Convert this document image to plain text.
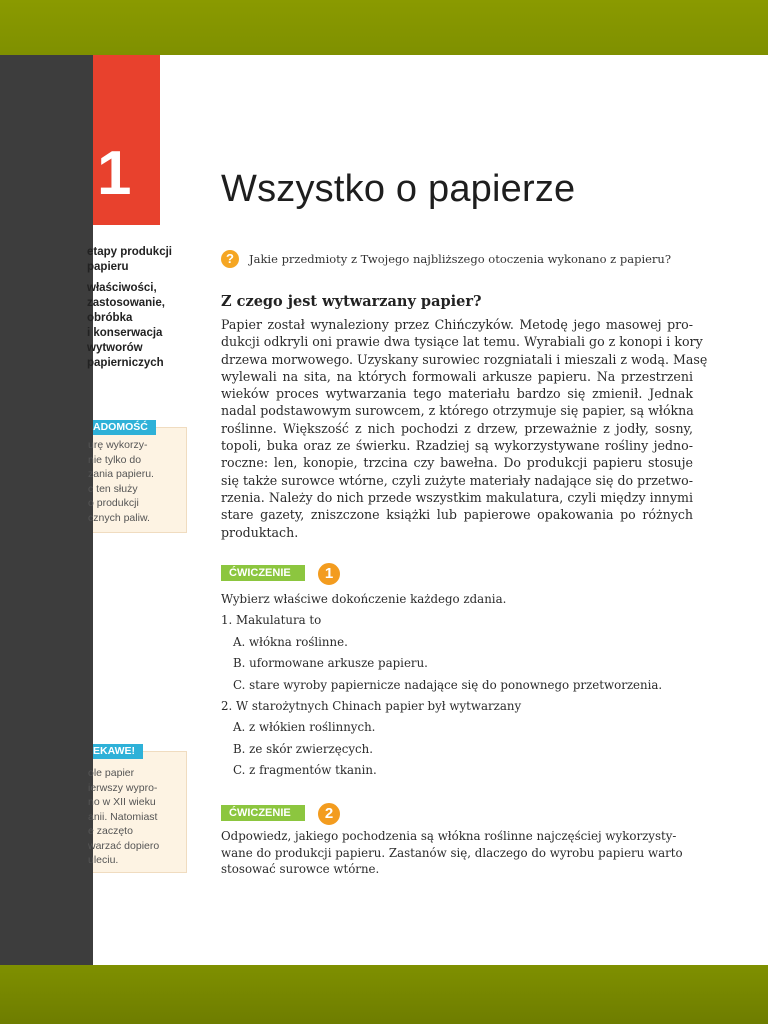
1
etapy produkcji
papieru
właściwości,
zastosowanie,
obróbka
i konserwacja
wytworów
papierniczych
ADOMOŚĆ
urę wykorzy-
nie tylko do
zania papieru.
c ten służy
o produkcji
cznych paliw.
EKAWE!
ole papier
ierwszy wypro-
no w XII wieku
anii. Natomiast
e zaczęto
warzać dopiero
uleciu.
Wszystko o papierze
?	Jakie przedmioty z Twojego najbliższego otoczenia wykonano z papieru?
Z czego jest wytwarzany papier?
Papier został wynaleziony przez Chińczyków. Metodę jego masowej pro-
dukcji odkryli oni prawie dwa tysiące lat temu. Wyrabiali go z konopi i kory
drzewa morwowego. Uzyskany surowiec rozgniatali i mieszali z wodą. Masę
wylewali na sita, na których formowali arkusze papieru. Na przestrzeni
wieków proces wytwarzania tego materiału bardzo się zmienił. Jednak
nadal podstawowym surowcem, z którego otrzymuje się papier, są włókna
roślinne. Większość z nich pochodzi z drzew, przeważnie z jodły, sosny,
topoli, buka oraz ze świerku. Rzadziej są wykorzystywane rośliny jedno-
roczne: len, konopie, trzcina czy bawełna. Do produkcji papieru stosuje
się także surowce wtórne, czyli zużyte materiały nadające się do przetwo-
rzenia. Należy do nich przede wszystkim makulatura, czyli między innymi
stare gazety, zniszczone książki lub papierowe opakowania po różnych
produktach.
ĆWICZENIE	1
Wybierz właściwe dokończenie każdego zdania.
1. Makulatura to
A. włókna roślinne.
B. uformowane arkusze papieru.
C. stare wyroby papiernicze nadające się do ponownego przetworzenia.
2. W starożytnych Chinach papier był wytwarzany
A. z włókien roślinnych.
B. ze skór zwierzęcych.
C. z fragmentów tkanin.
ĆWICZENIE	2
Odpowiedz, jakiego pochodzenia są włókna roślinne najczęściej wykorzysty-
wane do produkcji papieru. Zastanów się, dlaczego do wyrobu papieru warto
stosować surowce wtórne.
